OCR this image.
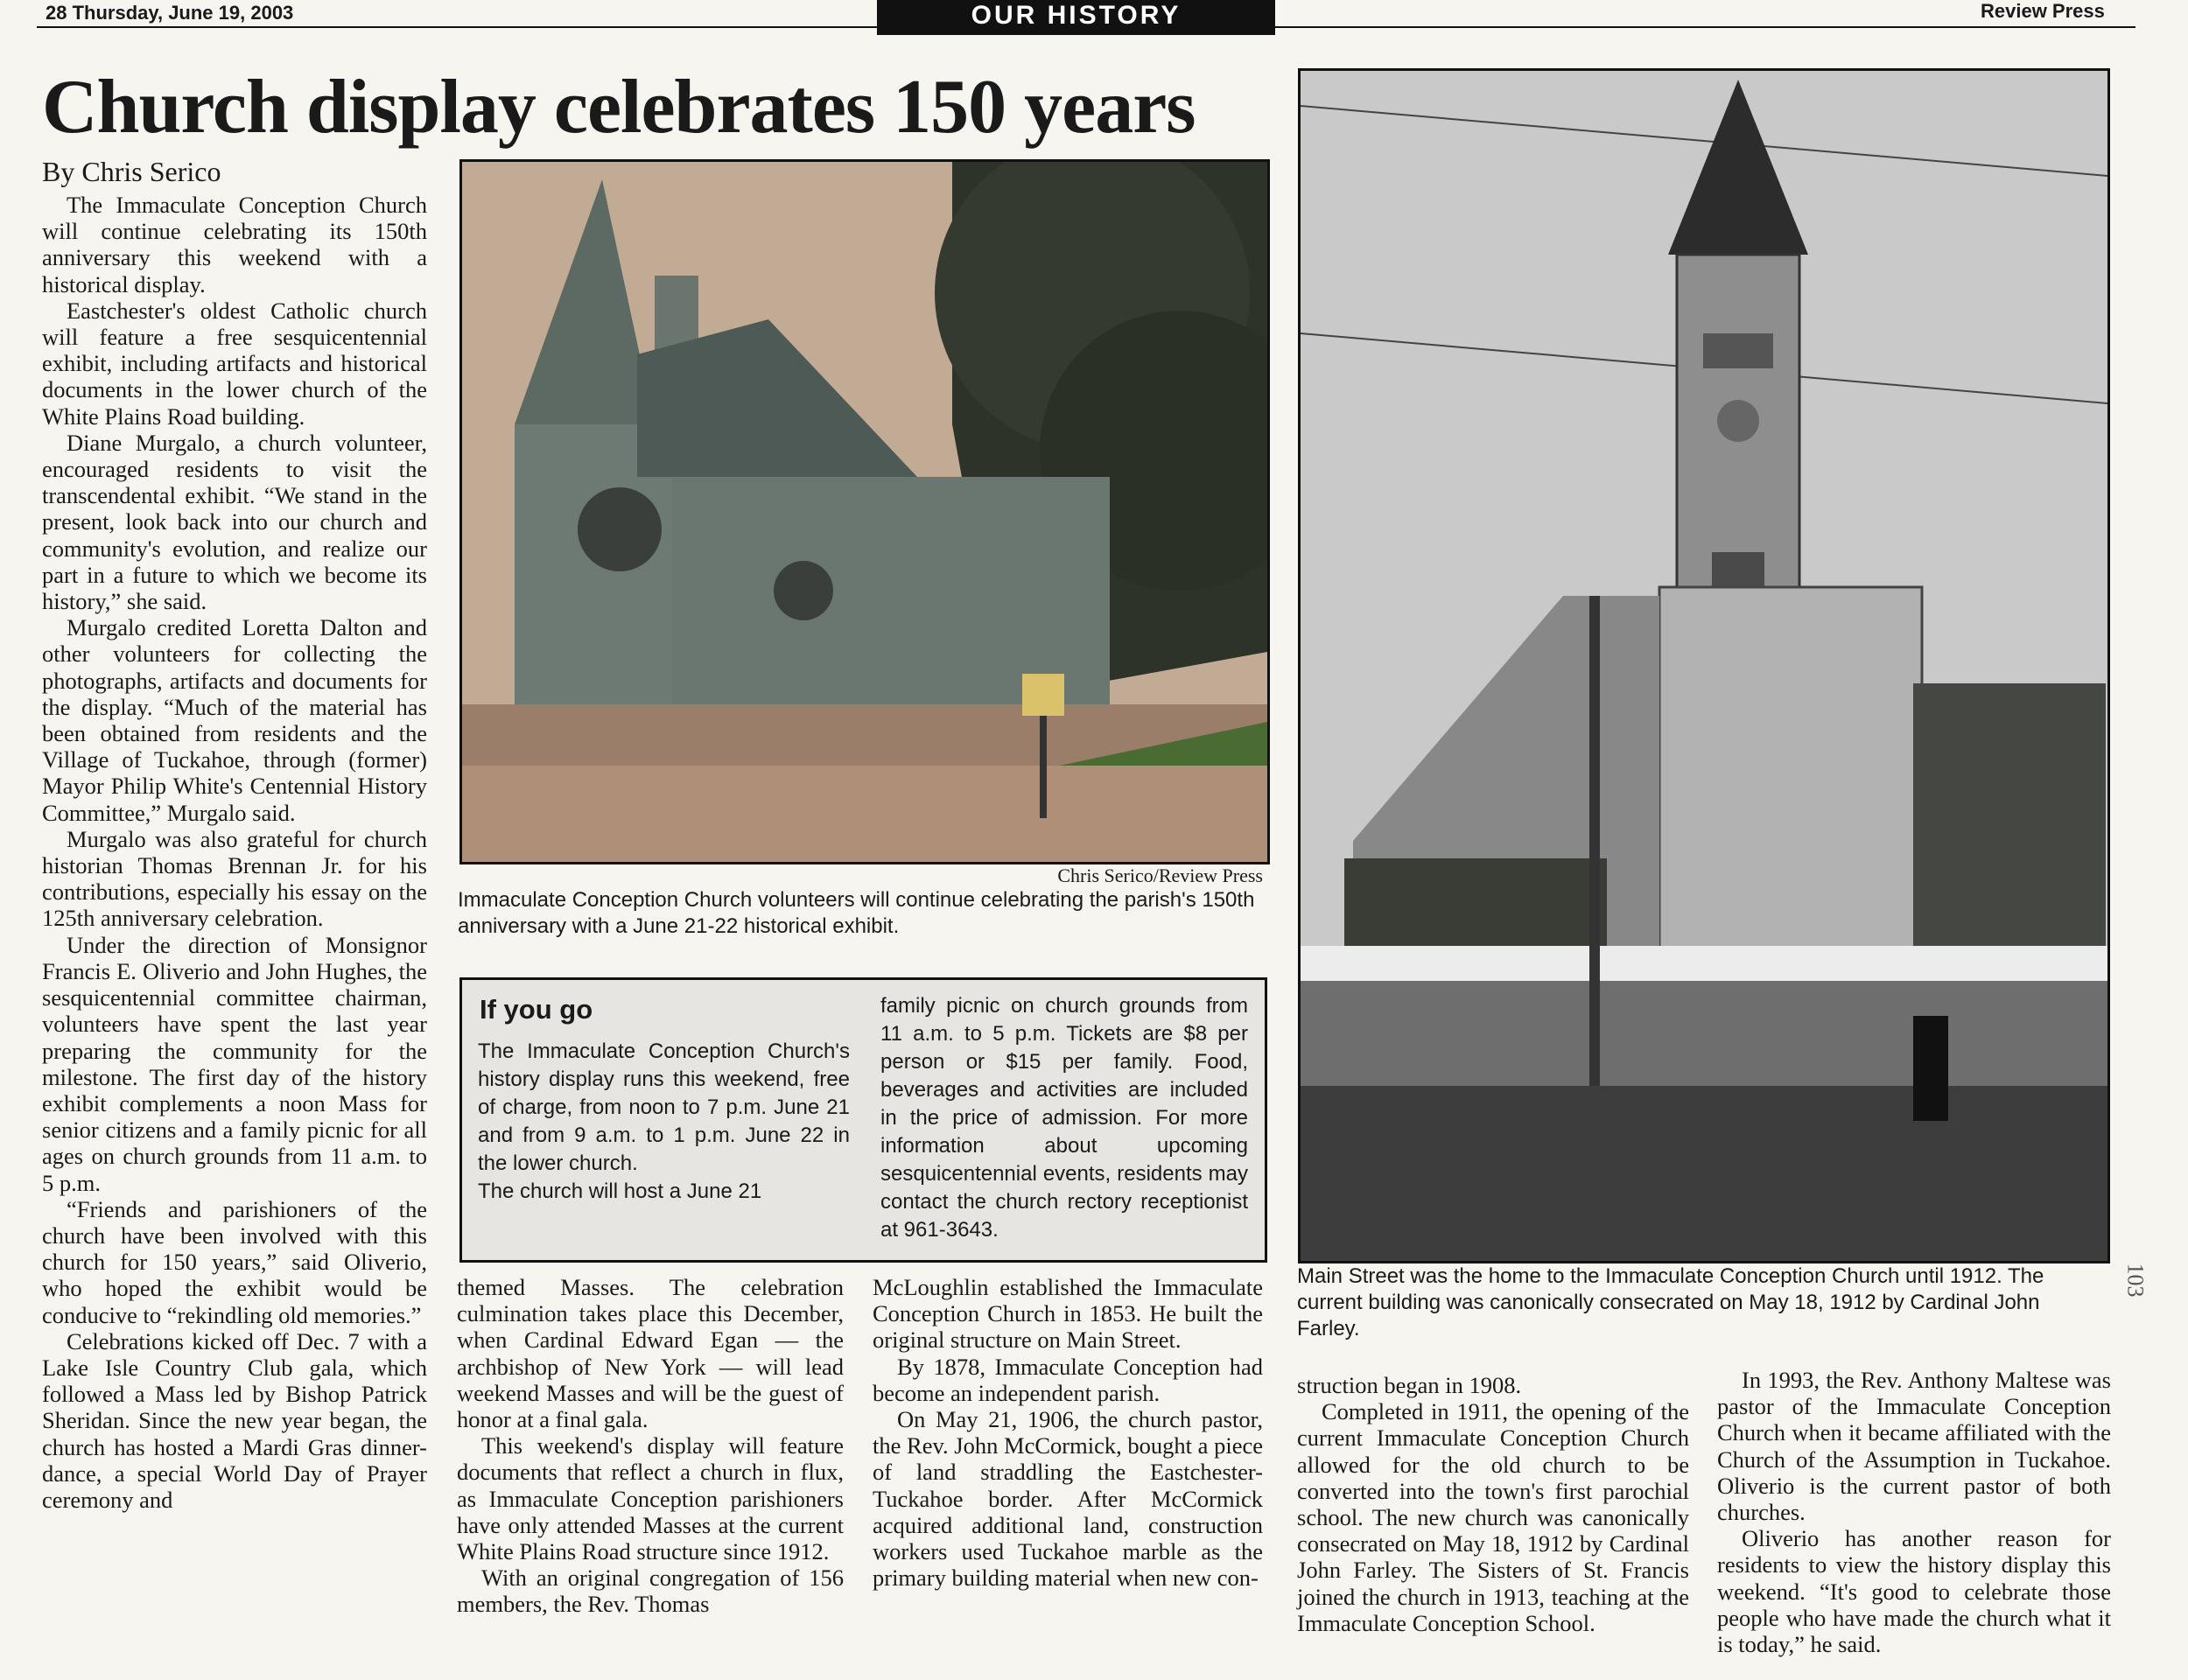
28 Thursday, June 19, 2003	OUR HISTORY	Review Press
Church display celebrates 150 years
By Chris Serico

The Immaculate Conception Church will continue celebrating its 150th anniversary this weekend with a historical display.

Eastchester's oldest Catholic church will feature a free sesquicentennial exhibit, including artifacts and historical documents in the lower church of the White Plains Road building.

Diane Murgalo, a church volunteer, encouraged residents to visit the transcendental exhibit. “We stand in the present, look back into our church and community's evolution, and realize our part in a future to which we become its history,” she said.

Murgalo credited Loretta Dalton and other volunteers for collecting the photographs, artifacts and documents for the display. “Much of the material has been obtained from residents and the Village of Tuckahoe, through (former) Mayor Philip White's Centennial History Committee,” Murgalo said.

Murgalo was also grateful for church historian Thomas Brennan Jr. for his contributions, especially his essay on the 125th anniversary celebration.

Under the direction of Monsignor Francis E. Oliverio and John Hughes, the sesquicentennial committee chairman, volunteers have spent the last year preparing the community for the milestone. The first day of the history exhibit complements a noon Mass for senior citizens and a family picnic for all ages on church grounds from 11 a.m. to 5 p.m.

“Friends and parishioners of the church have been involved with this church for 150 years,” said Oliverio, who hoped the exhibit would be conducive to “rekindling old memories.”

Celebrations kicked off Dec. 7 with a Lake Isle Country Club gala, which followed a Mass led by Bishop Patrick Sheridan. Since the new year began, the church has hosted a Mardi Gras dinner-dance, a special World Day of Prayer ceremony and

Chris Serico/Review Press
Immaculate Conception Church volunteers will continue celebrating the parish's 150th anniversary with a June 21-22 historical exhibit.
If you go

The Immaculate Conception Church's history display runs this weekend, free of charge, from noon to 7 p.m. June 21 and from 9 a.m. to 1 p.m. June 22 in the lower church.

The church will host a June 21

family picnic on church grounds from 11 a.m. to 5 p.m. Tickets are $8 per person or $15 per family. Food, beverages and activities are included in the price of admission. For more information about upcoming sesquicentennial events, residents may contact the church rectory receptionist at 961-3643.

themed Masses. The celebration culmination takes place this December, when Cardinal Edward Egan — the archbishop of New York — will lead weekend Masses and will be the guest of honor at a final gala.

This weekend's display will feature documents that reflect a church in flux, as Immaculate Conception parishioners have only attended Masses at the current White Plains Road structure since 1912.

With an original congregation of 156 members, the Rev. Thomas

McLoughlin established the Immaculate Conception Church in 1853. He built the original structure on Main Street.

By 1878, Immaculate Conception had become an independent parish.

On May 21, 1906, the church pastor, the Rev. John McCormick, bought a piece of land straddling the Eastchester-Tuckahoe border. After McCormick acquired additional land, construction workers used Tuckahoe marble as the primary building material when new con-

Main Street was the home to the Immaculate Conception Church until 1912. The current building was canonically consecrated on May 18, 1912 by Cardinal John Farley.

struction began in 1908.

Completed in 1911, the opening of the current Immaculate Conception Church allowed for the old church to be converted into the town's first parochial school. The new church was canonically consecrated on May 18, 1912 by Cardinal John Farley. The Sisters of St. Francis joined the church in 1913, teaching at the Immaculate Conception School.

In 1993, the Rev. Anthony Maltese was pastor of the Immaculate Conception Church when it became affiliated with the Church of the Assumption in Tuckahoe. Oliverio is the current pastor of both churches.

Oliverio has another reason for residents to view the history display this weekend. “It's good to celebrate those people who have made the church what it is today,” he said.

103
